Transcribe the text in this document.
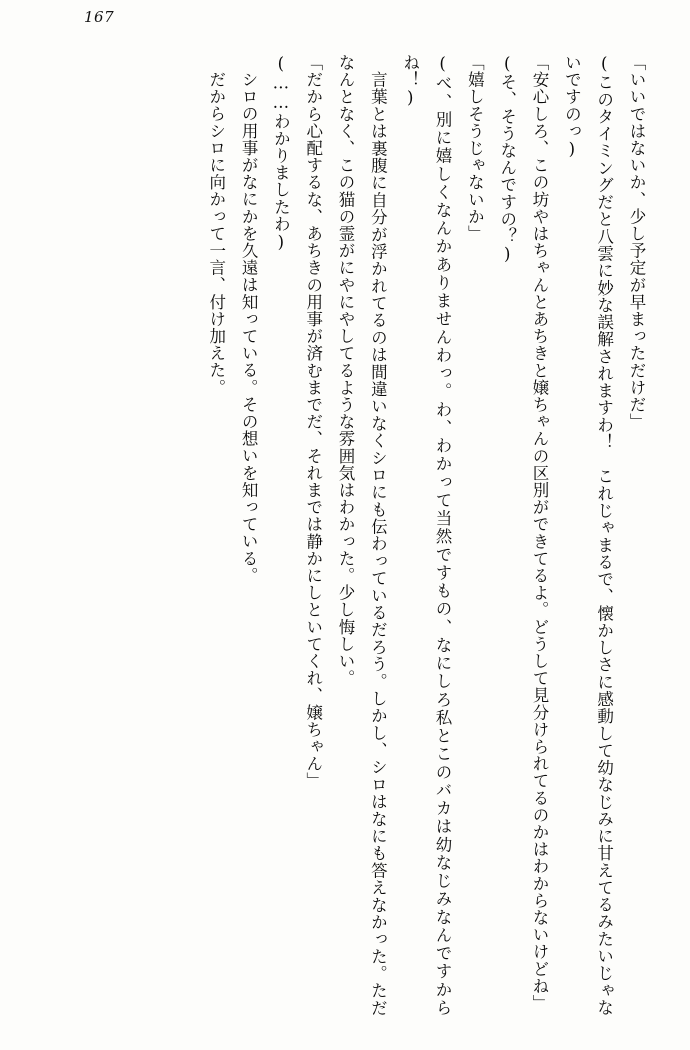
167

「いいではないか、少し予定が早まっただけだ」

(このタイミングだと八雲に妙な誤解されますわ！　これじゃまるで、懐かしさに感動して幼なじみに甘えてるみたいじゃないですのっ)

「安心しろ、この坊やはちゃんとあちきと嬢ちゃんの区別ができてるよ。どうして見分けられてるのかはわからないけどね」

(そ、そうなんですの？)

「嬉しそうじゃないか」

(べ、別に嬉しくなんかありませんわっ。わ、わかって当然ですもの、なにしろ私とこのバカは幼なじみなんですからね！)

言葉とは裏腹に自分が浮かれてるのは間違いなくシロにも伝わっているだろう。しかし、シロはなにも答えなかった。ただなんとなく、この猫の霊がにやにやしてるような雰囲気はわかった。少し悔しい。

「だから心配するな、あちきの用事が済むまでだ、それまでは静かにしといてくれ、嬢ちゃん」

(……わかりましたわ)

シロの用事がなにかを久遠は知っている。その想いを知っている。

だからシロに向かって一言、付け加えた。
